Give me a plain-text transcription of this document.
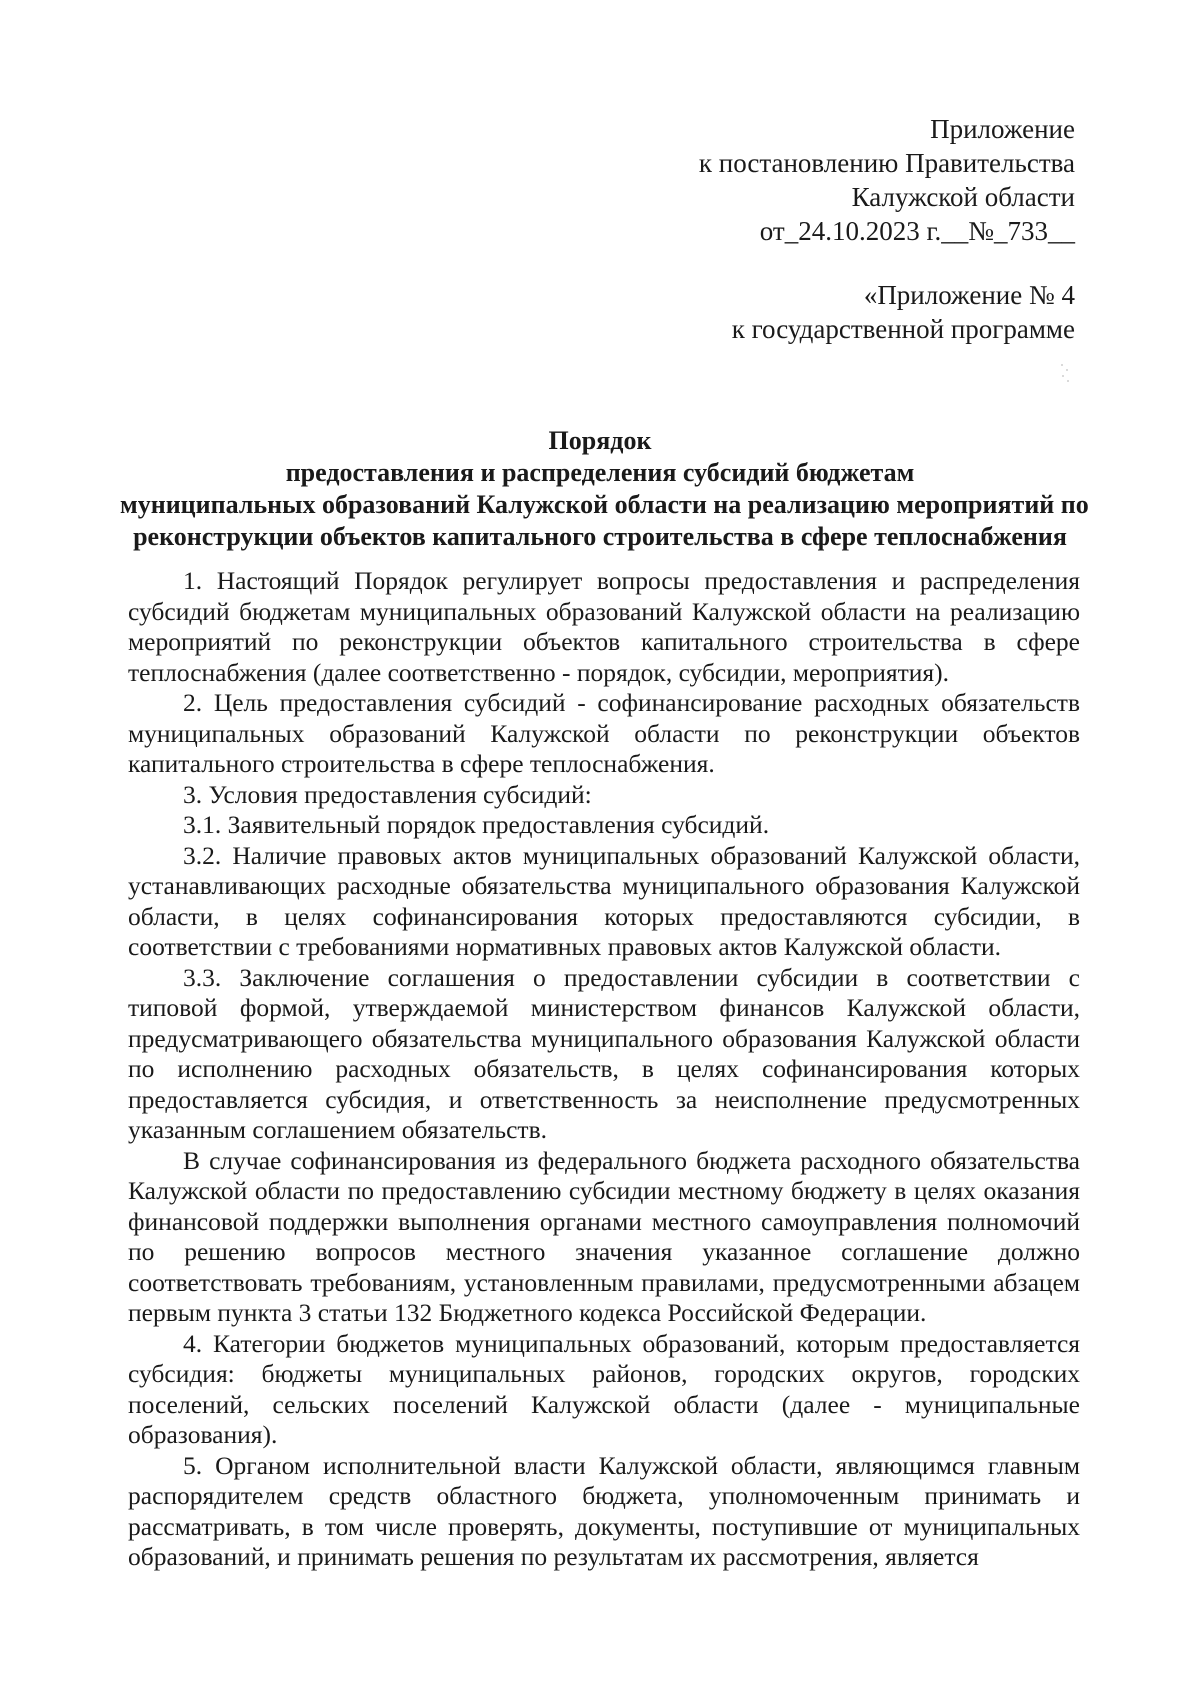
Приложение
к постановлению Правительства
Калужской области
от_24.10.2023 г.__№_733__
«Приложение № 4
к государственной программе
Порядок
предоставления и распределения субсидий бюджетам
муниципальных образований Калужской области на реализацию мероприятий по
реконструкции объектов капитального строительства в сфере теплоснабжения

1. Настоящий Порядок регулирует вопросы предоставления и распределения субсидий бюджетам муниципальных образований Калужской области на реализацию мероприятий по реконструкции объектов капитального строительства в сфере теплоснабжения (далее соответственно - порядок, субсидии, мероприятия).

2. Цель предоставления субсидий - софинансирование расходных обязательств муниципальных образований Калужской области по реконструкции объектов капитального строительства в сфере теплоснабжения.

3. Условия предоставления субсидий:

3.1. Заявительный порядок предоставления субсидий.

3.2. Наличие правовых актов муниципальных образований Калужской области, устанавливающих расходные обязательства муниципального образования Калужской области, в целях софинансирования которых предоставляются субсидии, в соответствии с требованиями нормативных правовых актов Калужской области.

3.3. Заключение соглашения о предоставлении субсидии в соответствии с типовой формой, утверждаемой министерством финансов Калужской области, предусматривающего обязательства муниципального образования Калужской области по исполнению расходных обязательств, в целях софинансирования которых предоставляется субсидия, и ответственность за неисполнение предусмотренных указанным соглашением обязательств.

В случае софинансирования из федерального бюджета расходного обязательства Калужской области по предоставлению субсидии местному бюджету в целях оказания финансовой поддержки выполнения органами местного самоуправления полномочий по решению вопросов местного значения указанное соглашение должно соответствовать требованиям, установленным правилами, предусмотренными абзацем первым пункта 3 статьи 132 Бюджетного кодекса Российской Федерации.

4. Категории бюджетов муниципальных образований, которым предоставляется субсидия: бюджеты муниципальных районов, городских округов, городских поселений, сельских поселений Калужской области (далее - муниципальные образования).

5. Органом исполнительной власти Калужской области, являющимся главным распорядителем средств областного бюджета, уполномоченным принимать и рассматривать, в том числе проверять, документы, поступившие от муниципальных образований, и принимать решения по результатам их рассмотрения, является
